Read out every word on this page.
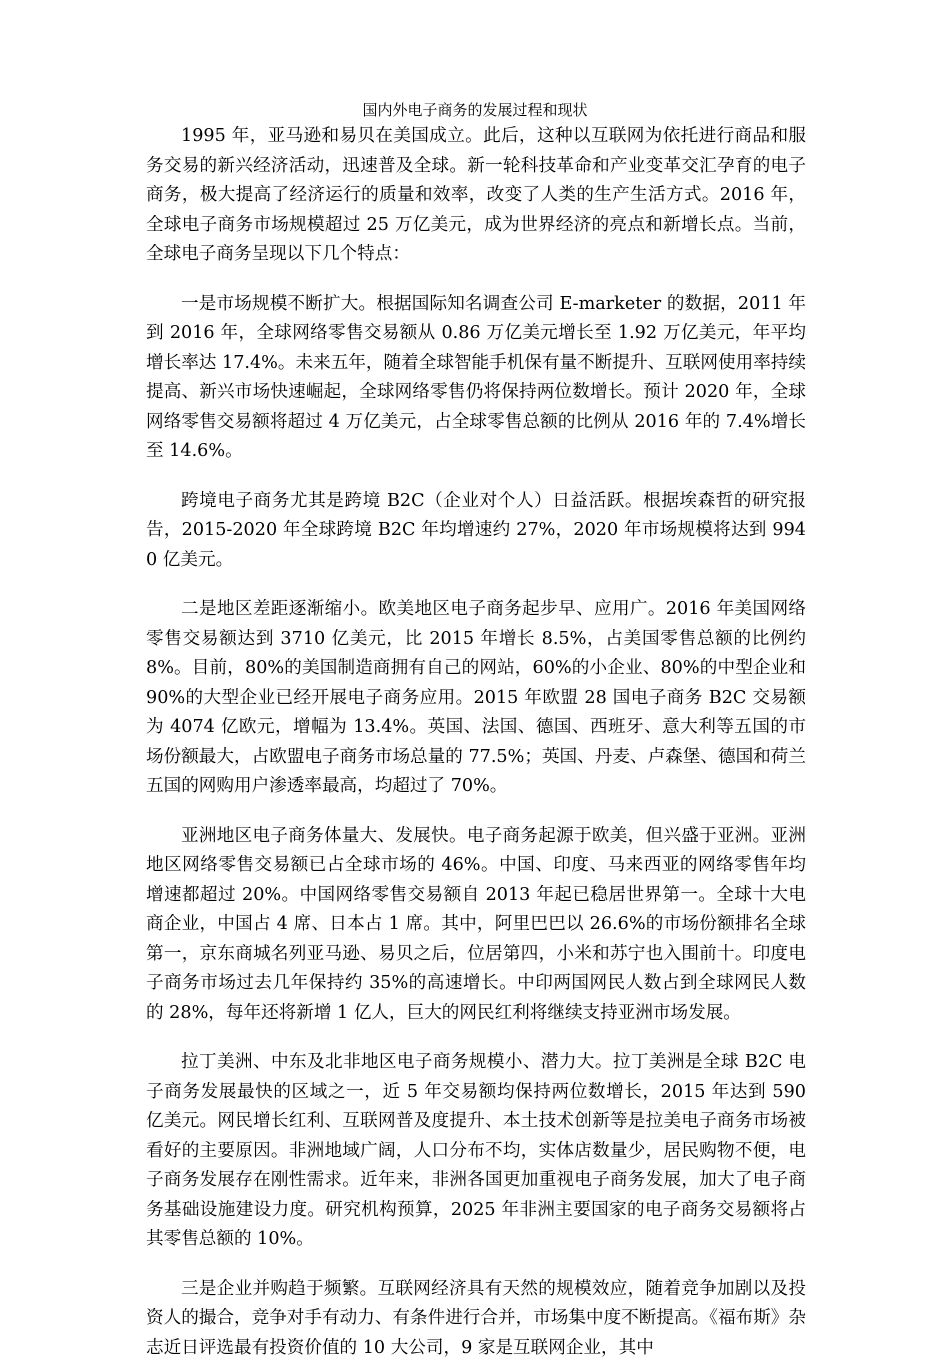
国内外电子商务的发展过程和现状

1995 年，亚马逊和易贝在美国成立。此后，这种以互联网为依托进行商品和服务交易的新兴经济活动，迅速普及全球。新一轮科技革命和产业变革交汇孕育的电子商务，极大提高了经济运行的质量和效率，改变了人类的生产生活方式。2016 年，全球电子商务市场规模超过 25 万亿美元，成为世界经济的亮点和新增长点。当前，全球电子商务呈现以下几个特点：

一是市场规模不断扩大。根据国际知名调查公司 E-marketer 的数据，2011 年到 2016 年，全球网络零售交易额从 0.86 万亿美元增长至 1.92 万亿美元，年平均增长率达 17.4%。未来五年，随着全球智能手机保有量不断提升、互联网使用率持续提高、新兴市场快速崛起，全球网络零售仍将保持两位数增长。预计 2020 年，全球网络零售交易额将超过 4 万亿美元，占全球零售总额的比例从 2016 年的 7.4%增长至 14.6%。

跨境电子商务尤其是跨境 B2C（企业对个人）日益活跃。根据埃森哲的研究报告，2015-2020 年全球跨境 B2C 年均增速约 27%，2020 年市场规模将达到 9940 亿美元。

二是地区差距逐渐缩小。欧美地区电子商务起步早、应用广。2016 年美国网络零售交易额达到 3710 亿美元，比 2015 年增长 8.5%，占美国零售总额的比例约 8%。目前，80%的美国制造商拥有自己的网站，60%的小企业、80%的中型企业和 90%的大型企业已经开展电子商务应用。2015 年欧盟 28 国电子商务 B2C 交易额为 4074 亿欧元，增幅为 13.4%。英国、法国、德国、西班牙、意大利等五国的市场份额最大，占欧盟电子商务市场总量的 77.5%；英国、丹麦、卢森堡、德国和荷兰五国的网购用户渗透率最高，均超过了 70%。

亚洲地区电子商务体量大、发展快。电子商务起源于欧美，但兴盛于亚洲。亚洲地区网络零售交易额已占全球市场的 46%。中国、印度、马来西亚的网络零售年均增速都超过 20%。中国网络零售交易额自 2013 年起已稳居世界第一。全球十大电商企业，中国占 4 席、日本占 1 席。其中，阿里巴巴以 26.6%的市场份额排名全球第一，京东商城名列亚马逊、易贝之后，位居第四，小米和苏宁也入围前十。印度电子商务市场过去几年保持约 35%的高速增长。中印两国网民人数占到全球网民人数的 28%，每年还将新增 1 亿人，巨大的网民红利将继续支持亚洲市场发展。

拉丁美洲、中东及北非地区电子商务规模小、潜力大。拉丁美洲是全球 B2C 电子商务发展最快的区域之一，近 5 年交易额均保持两位数增长，2015 年达到 590 亿美元。网民增长红利、互联网普及度提升、本土技术创新等是拉美电子商务市场被看好的主要原因。非洲地域广阔，人口分布不均，实体店数量少，居民购物不便，电子商务发展存在刚性需求。近年来，非洲各国更加重视电子商务发展，加大了电子商务基础设施建设力度。研究机构预算，2025 年非洲主要国家的电子商务交易额将占其零售总额的 10%。

三是企业并购趋于频繁。互联网经济具有天然的规模效应，随着竞争加剧以及投资人的撮合，竞争对手有动力、有条件进行合并，市场集中度不断提高。《福布斯》杂志近日评选最有投资价值的 10 大公司，9 家是互联网企业，其中
